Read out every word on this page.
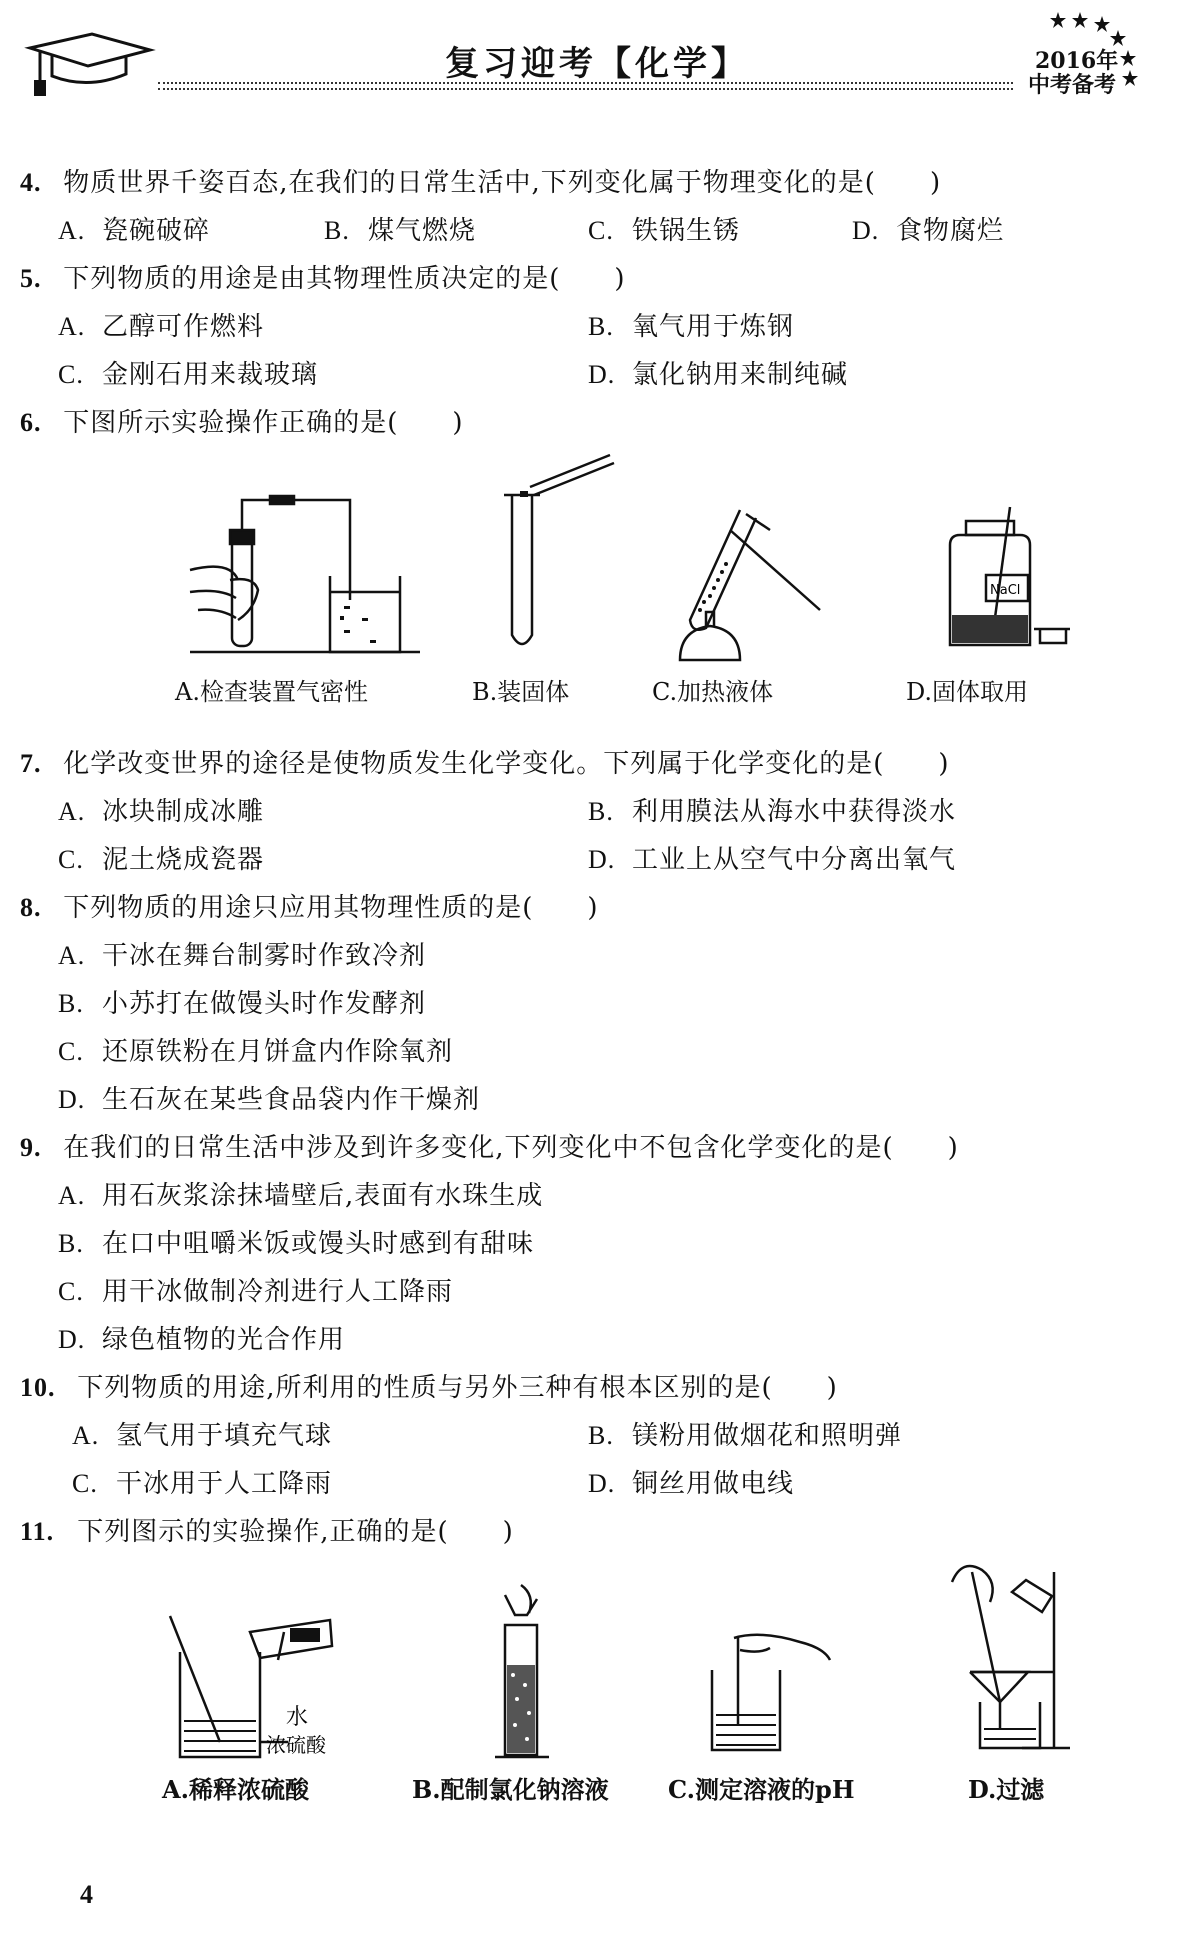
复习迎考【化学】	2016年
中考备考
4. 物质世界千姿百态,在我们的日常生活中,下列变化属于物理变化的是(　　)
A. 瓷碗破碎	B. 煤气燃烧	C. 铁锅生锈	D. 食物腐烂
5. 下列物质的用途是由其物理性质决定的是(　　)
A. 乙醇可作燃料	B. 氧气用于炼钢
C. 金刚石用来裁玻璃	D. 氯化钠用来制纯碱
6. 下图所示实验操作正确的是(　　)
A.检查装置气密性	B.装固体	C.加热液体
NaCl
D.固体取用
7. 化学改变世界的途径是使物质发生化学变化。下列属于化学变化的是(　　)
A. 冰块制成冰雕	B. 利用膜法从海水中获得淡水
C. 泥土烧成瓷器	D. 工业上从空气中分离出氧气
8. 下列物质的用途只应用其物理性质的是(　　)
A. 干冰在舞台制雾时作致冷剂
B. 小苏打在做馒头时作发酵剂
C. 还原铁粉在月饼盒内作除氧剂
D. 生石灰在某些食品袋内作干燥剂
9. 在我们的日常生活中涉及到许多变化,下列变化中不包含化学变化的是(　　)
A. 用石灰浆涂抹墙壁后,表面有水珠生成
B. 在口中咀嚼米饭或馒头时感到有甜味
C. 用干冰做制冷剂进行人工降雨
D. 绿色植物的光合作用
10. 下列物质的用途,所利用的性质与另外三种有根本区别的是(　　)
A. 氢气用于填充气球	B. 镁粉用做烟花和照明弹
C. 干冰用于人工降雨	D. 铜丝用做电线
11. 下列图示的实验操作,正确的是(　　)
水
浓硫酸
A.稀释浓硫酸	B.配制氯化钠溶液 C.测定溶液的pH	D.过滤
4
